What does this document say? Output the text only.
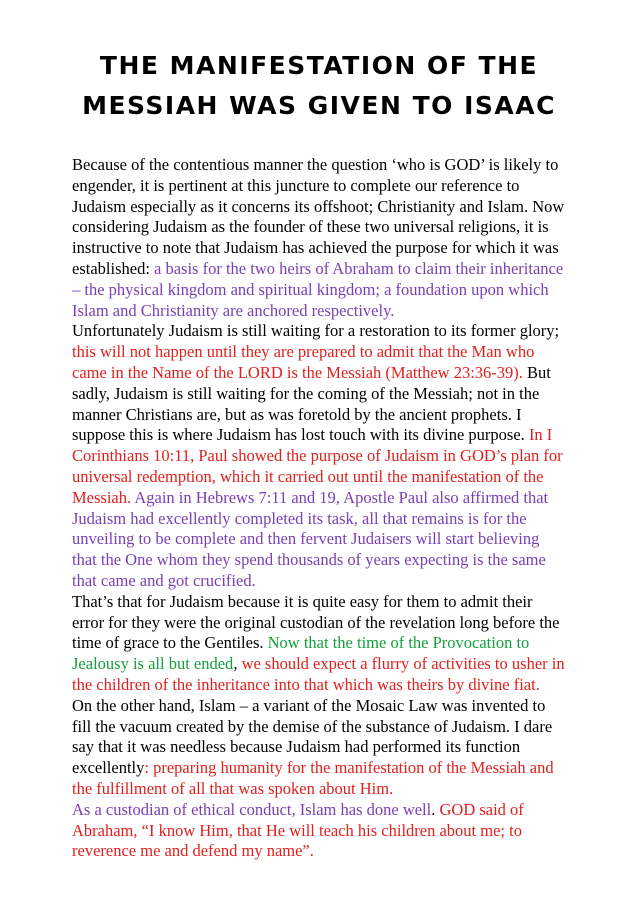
THE MANIFESTATION OF THE
MESSIAH WAS GIVEN TO ISAAC

Because of the contentious manner the question ‘who is GOD’ is likely to engender, it is pertinent at this juncture to complete our reference to Judaism especially as it concerns its offshoot; Christianity and Islam. Now considering Judaism as the founder of these two universal religions, it is instructive to note that Judaism has achieved the purpose for which it was established: a basis for the two heirs of Abraham to claim their inheritance – the physical kingdom and spiritual kingdom; a foundation upon which Islam and Christianity are anchored respectively.

Unfortunately Judaism is still waiting for a restoration to its former glory; this will not happen until they are prepared to admit that the Man who came in the Name of the LORD is the Messiah (Matthew 23:36-39). But sadly, Judaism is still waiting for the coming of the Messiah; not in the manner Christians are, but as was foretold by the ancient prophets. I suppose this is where Judaism has lost touch with its divine purpose. In I Corinthians 10:11, Paul showed the purpose of Judaism in GOD’s plan for universal redemption, which it carried out until the manifestation of the Messiah. Again in Hebrews 7:11 and 19, Apostle Paul also affirmed that Judaism had excellently completed its task, all that remains is for the unveiling to be complete and then fervent Judaisers will start believing that the One whom they spend thousands of years expecting is the same that came and got crucified.

That’s that for Judaism because it is quite easy for them to admit their error for they were the original custodian of the revelation long before the time of grace to the Gentiles. Now that the time of the Provocation to Jealousy is all but ended, we should expect a flurry of activities to usher in the children of the inheritance into that which was theirs by divine fiat.

On the other hand, Islam – a variant of the Mosaic Law was invented to fill the vacuum created by the demise of the substance of Judaism. I dare say that it was needless because Judaism had performed its function excellently: preparing humanity for the manifestation of the Messiah and the fulfillment of all that was spoken about Him.

As a custodian of ethical conduct, Islam has done well. GOD said of Abraham, “I know Him, that He will teach his children about me; to reverence me and defend my name”.
